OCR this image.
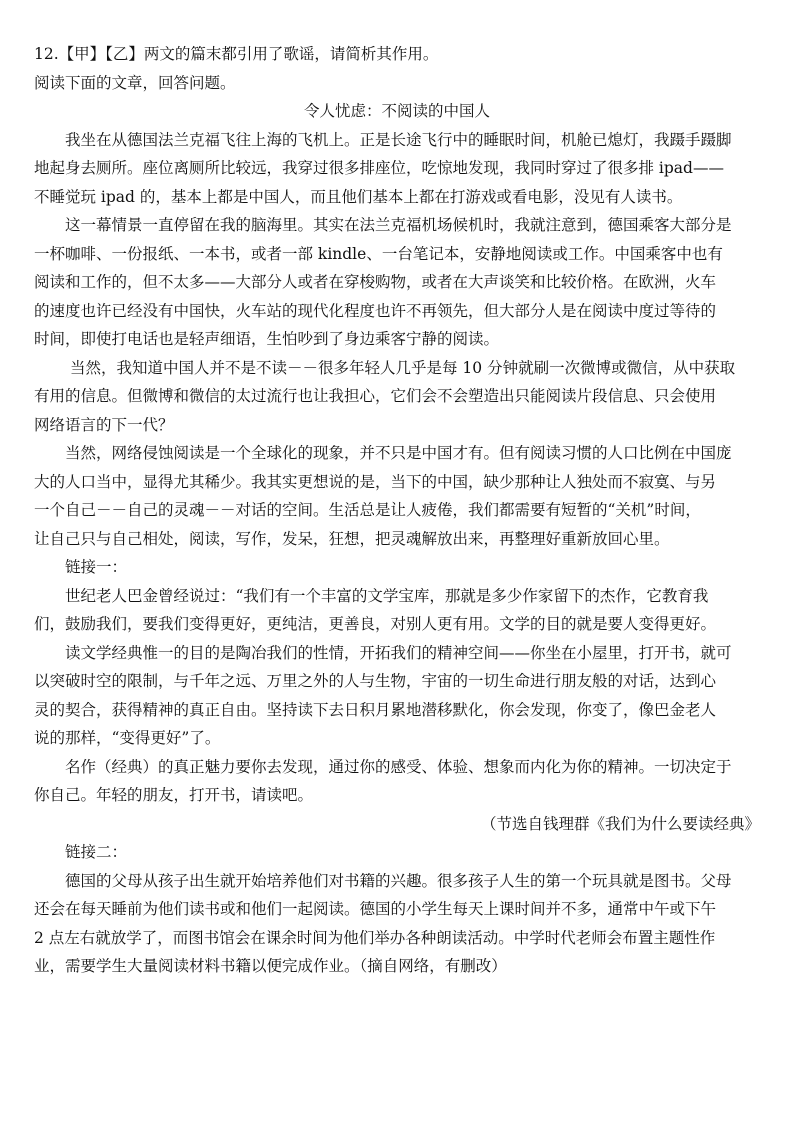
12.【甲】【乙】两文的篇末都引用了歌谣，请简析其作用。
阅读下面的文章，回答问题。
令人忧虑：不阅读的中国人
我坐在从德国法兰克福飞往上海的飞机上。正是长途飞行中的睡眠时间，机舱已熄灯，我蹑手蹑脚
地起身去厕所。座位离厕所比较远，我穿过很多排座位，吃惊地发现，我同时穿过了很多排 ipad——
不睡觉玩 ipad 的，基本上都是中国人，而且他们基本上都在打游戏或看电影，没见有人读书。
这一幕情景一直停留在我的脑海里。其实在法兰克福机场候机时，我就注意到，德国乘客大部分是
一杯咖啡、一份报纸、一本书，或者一部 kindle、一台笔记本，安静地阅读或工作。中国乘客中也有
阅读和工作的，但不太多——大部分人或者在穿梭购物，或者在大声谈笑和比较价格。在欧洲，火车
的速度也许已经没有中国快，火车站的现代化程度也许不再领先，但大部分人是在阅读中度过等待的
时间，即使打电话也是轻声细语，生怕吵到了身边乘客宁静的阅读。
当然，我知道中国人并不是不读－－很多年轻人几乎是每 10 分钟就刷一次微博或微信，从中获取
有用的信息。但微博和微信的太过流行也让我担心，它们会不会塑造出只能阅读片段信息、只会使用
网络语言的下一代？
当然，网络侵蚀阅读是一个全球化的现象，并不只是中国才有。但有阅读习惯的人口比例在中国庞
大的人口当中，显得尤其稀少。我其实更想说的是，当下的中国，缺少那种让人独处而不寂寞、与另
一个自己－－自己的灵魂－－对话的空间。生活总是让人疲倦，我们都需要有短暂的“关机”时间，
让自己只与自己相处，阅读，写作，发呆，狂想，把灵魂解放出来，再整理好重新放回心里。
链接一：
世纪老人巴金曾经说过：“我们有一个丰富的文学宝库，那就是多少作家留下的杰作，它教育我
们，鼓励我们，要我们变得更好，更纯洁，更善良，对别人更有用。文学的目的就是要人变得更好。
读文学经典惟一的目的是陶冶我们的性情，开拓我们的精神空间——你坐在小屋里，打开书，就可
以突破时空的限制，与千年之远、万里之外的人与生物，宇宙的一切生命进行朋友般的对话，达到心
灵的契合，获得精神的真正自由。坚持读下去日积月累地潜移默化，你会发现，你变了，像巴金老人
说的那样，“变得更好”了。
名作（经典）的真正魅力要你去发现，通过你的感受、体验、想象而内化为你的精神。一切决定于
你自己。年轻的朋友，打开书，请读吧。
（节选自钱理群《我们为什么要读经典》
链接二：
德国的父母从孩子出生就开始培养他们对书籍的兴趣。很多孩子人生的第一个玩具就是图书。父母
还会在每天睡前为他们读书或和他们一起阅读。德国的小学生每天上课时间并不多，通常中午或下午
2 点左右就放学了，而图书馆会在课余时间为他们举办各种朗读活动。中学时代老师会布置主题性作
业，需要学生大量阅读材料书籍以便完成作业。（摘自网络，有删改）
